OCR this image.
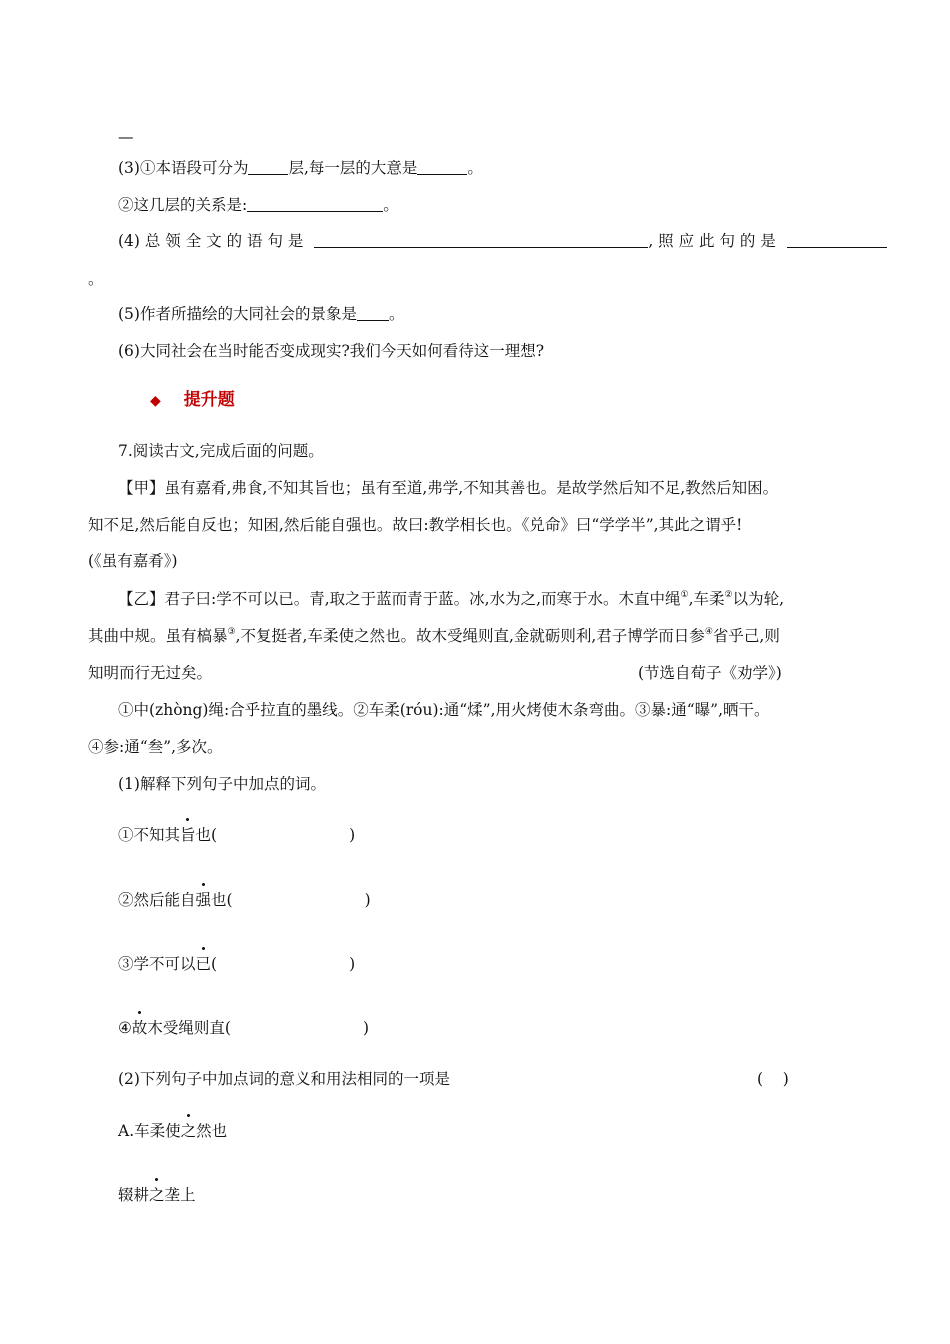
—
(3)①本语段可分为	层,每一层的大意是	。
②这几层的关系是:	。
(4) 总 领 全 文 的 语 句 是	, 照 应 此 句 的 是
。
(5)作者所描绘的大同社会的景象是 。
(6)大同社会在当时能否变成现实?我们今天如何看待这一理想?
◆ 提升题
7.阅读古文,完成后面的问题。
【甲】虽有嘉肴,弗食,不知其旨也；虽有至道,弗学,不知其善也。是故学然后知不足,教然后知困。
知不足,然后能自反也；知困,然后能自强也。故曰:教学相长也。《兑命》曰“学学半”,其此之谓乎!
(《虽有嘉肴》)
【乙】君子曰:学不可以已。青,取之于蓝而青于蓝。冰,水为之,而寒于水。木直中绳①,车柔②以为轮,
其曲中规。虽有槁暴③,不复挺者,车柔使之然也。故木受绳则直,金就砺则利,君子博学而日参④省乎己,则
知明而行无过矣。	(节选自荀子《劝学》)
①中(zhòng)绳:合乎拉直的墨线。②车柔(róu):通“煣”,用火烤使木条弯曲。③暴:通“曝”,晒干。
④参:通“叁”,多次。
(1)解释下列句子中加点的词。
①不知其旨也(	)
②然后能自强也(	)
③学不可以已(	)
④故木受绳则直(	)
(2)下列句子中加点词的意义和用法相同的一项是	(    )
A.车柔使之然也
辍耕之垄上
